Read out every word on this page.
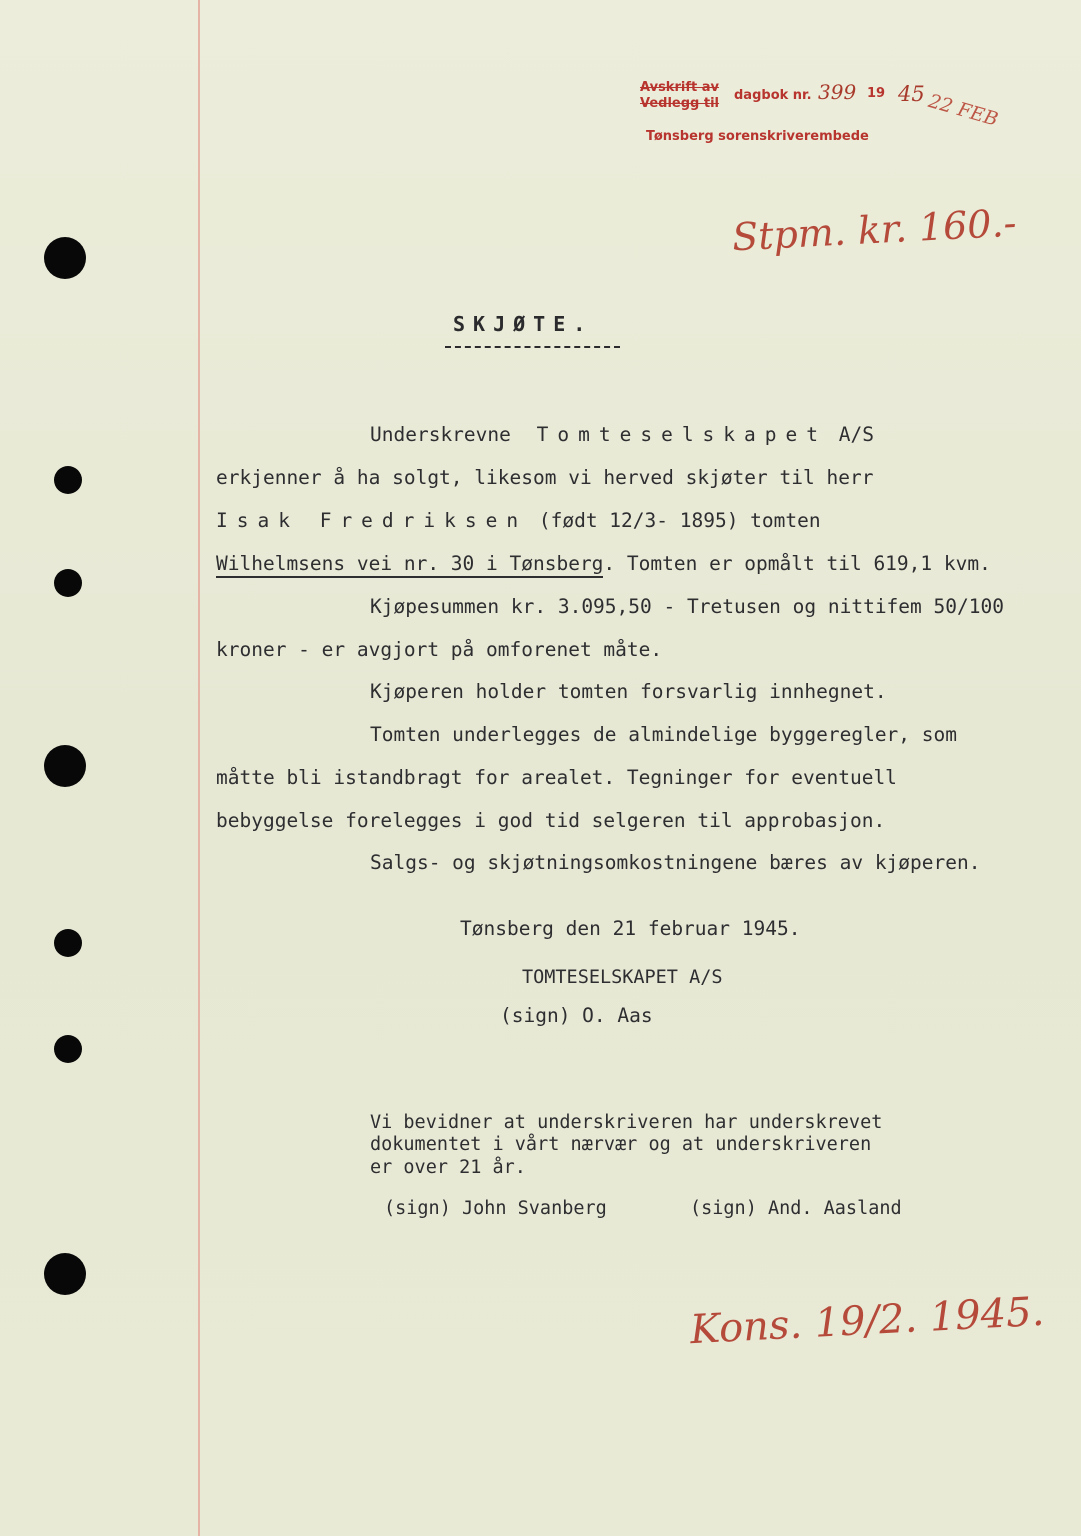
Avskrift av
Vedlegg til
dagbok nr. 399 19 45 22 FEB
Tønsberg sorenskriverembede
Stpm. kr. 160.-
SKJØTE.
Underskrevne Tomteselskapet A/S
erkjenner å ha solgt, likesom vi herved skjøter til herr
Isak Fredriksen (født 12/3- 1895) tomten
Wilhelmsens vei nr. 30 i Tønsberg. Tomten er opmålt til 619,1 kvm.
Kjøpesummen kr. 3.095,50 - Tretusen og nittifem 50/100
kroner - er avgjort på omforenet måte.
Kjøperen holder tomten forsvarlig innhegnet.
Tomten underlegges de almindelige byggeregler, som
måtte bli istandbragt for arealet. Tegninger for eventuell
bebyggelse forelegges i god tid selgeren til approbasjon.
Salgs- og skjøtningsomkostningene bæres av kjøperen.
Tønsberg den 21 februar 1945.
TOMTESELSKAPET A/S
(sign) O. Aas
Vi bevidner at underskriveren har underskrevet
dokumentet i vårt nærvær og at underskriveren
er over 21 år.
(sign) John Svanberg	(sign) And. Aasland
Kons. 19/2. 1945.
